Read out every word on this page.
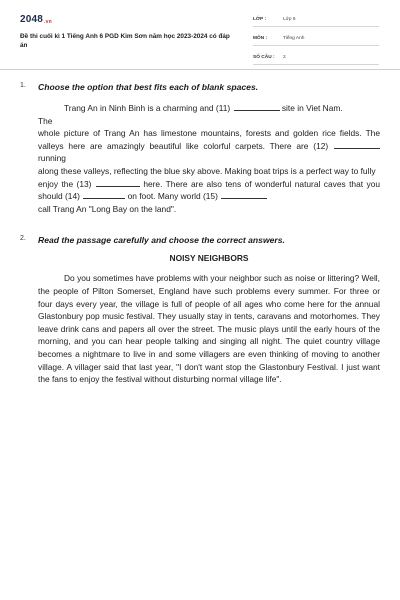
2048.vn
Đề thi cuối kì 1 Tiếng Anh 6 PGD Kim Sơn năm học 2023-2024 có đáp án
LỚP :	Lớp 6
MÔN :	Tiếng Anh
SỐ CÂU : 2
1. Choose the option that best fits each of blank spaces.
Trang An in Ninh Binh is a charming and (11)	site in Viet Nam.
The
whole picture of Trang An has limestone mountains, forests and golden rice fields. The valleys here are amazingly beautiful like colorful carpets. There are (12)  running
along these valleys, reflecting the blue sky above. Making boat trips is a perfect way to fully
enjoy the (13)	here. There are also tens of wonderful natural caves that you should (14)	on foot. Many world (15)
call Trang An "Long Bay on the land".
2. Read the passage carefully and choose the correct answers.
NOISY NEIGHBORS
Do you sometimes have problems with your neighbor such as noise or littering? Well, the people of Pilton Somerset, England have such problems every summer. For three or four days every year, the village is full of people of all ages who come here for the annual Glastonbury pop music festival. They usually stay in tents, caravans and motorhomes. They leave drink cans and papers all over the street. The music plays until the early hours of the morning, and you can hear people talking and singing all night. The quiet country village becomes a nightmare to live in and some villagers are even thinking of moving to another village. A villager said that last year, "I don't want stop the Glastonbury Festival. I just want the fans to enjoy the festival without disturbing normal village life".
